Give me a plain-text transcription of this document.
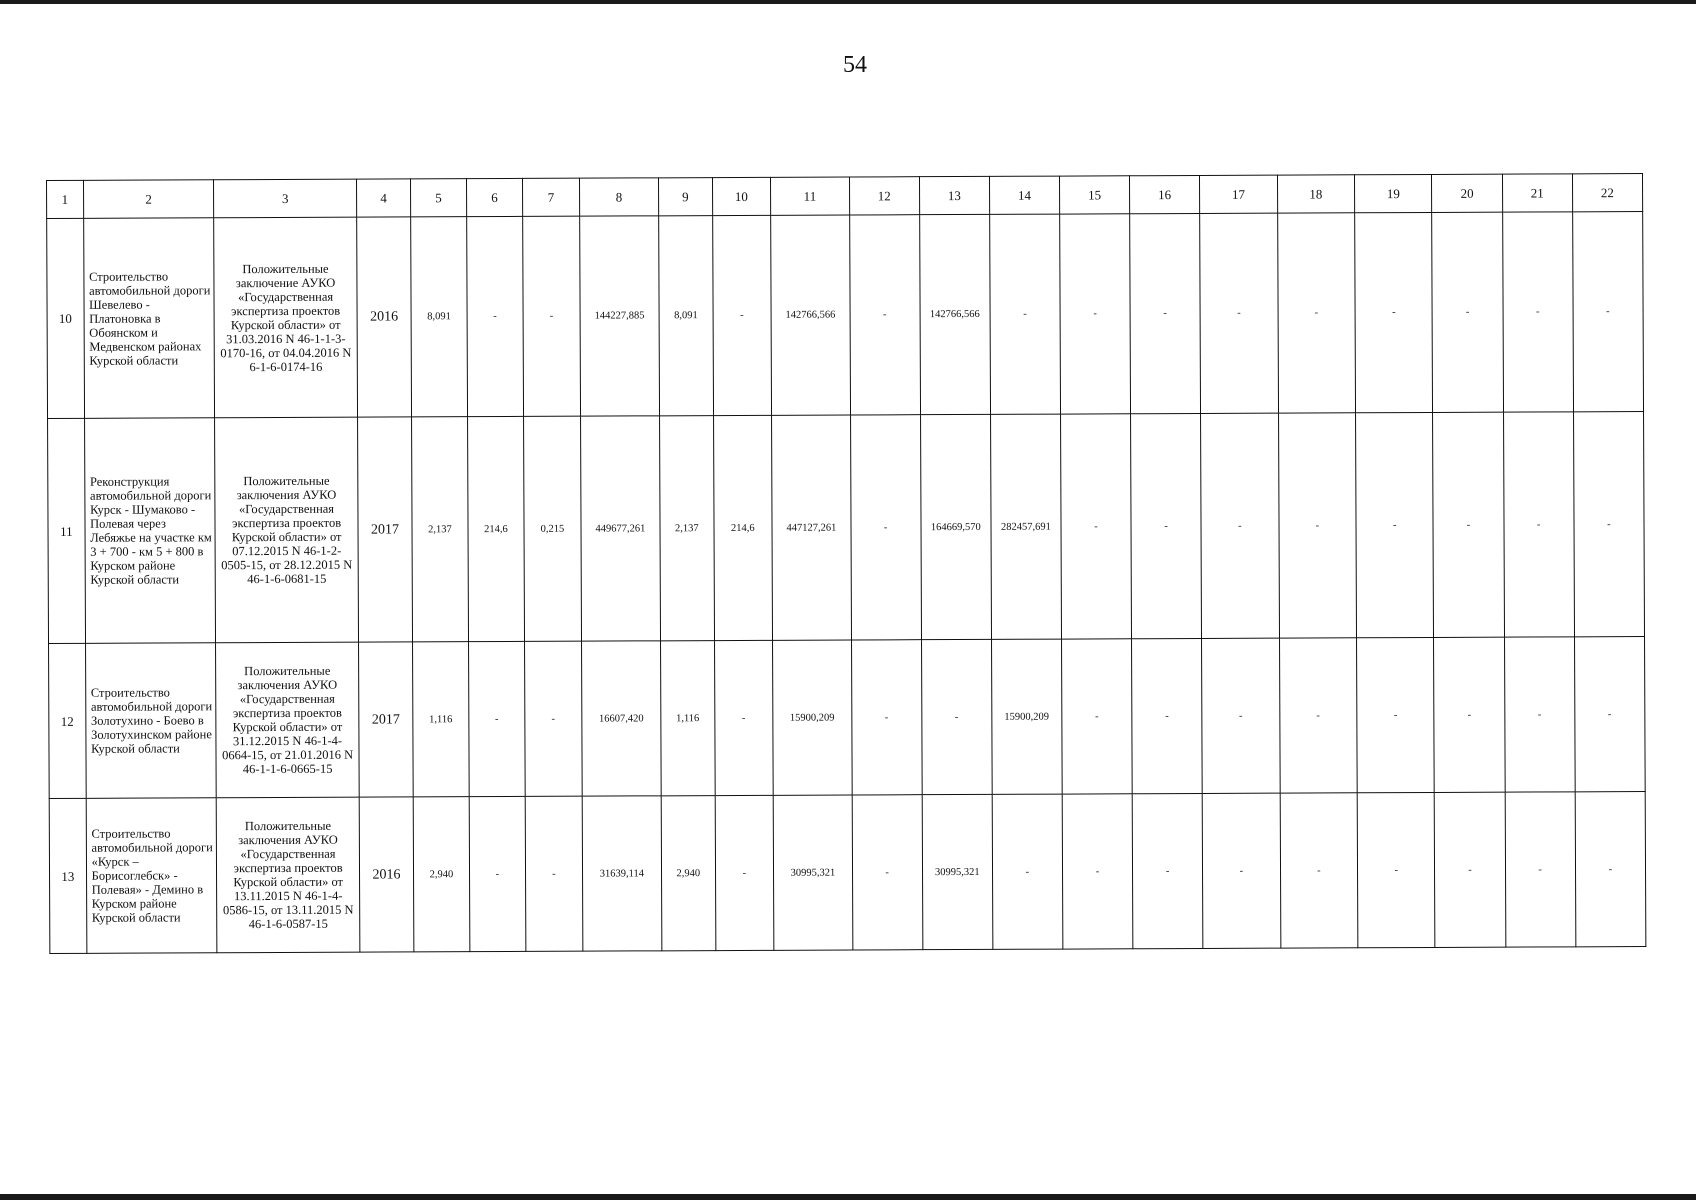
54
1	2	3	4	5	6	7	8	9	10	11	12	13	14	15	16	17	18	19	20	21	22
10	Строительство автомобильной дороги Шевелево - Платоновка в Обоянском и Медвенском районах Курской области	Положительные заключение АУКО «Государственная экспертиза проектов Курской области» от 31.03.2016 N 46-1-1-3-0170-16, от 04.04.2016 N 6-1-6-0174-16	2016	8,091	-	-	144227,885	8,091	-	142766,566	-	142766,566	-	-	-	-	-	-	-	-	-
11	Реконструкция автомобильной дороги Курск - Шумаково - Полевая через Лебяжье на участке км 3 + 700 - км 5 + 800 в Курском районе Курской области	Положительные заключения АУКО «Государственная экспертиза проектов Курской области» от 07.12.2015 N 46-1-2-0505-15, от 28.12.2015 N 46-1-6-0681-15	2017	2,137	214,6	0,215	449677,261	2,137	214,6	447127,261	-	164669,570	282457,691	-	-	-	-	-	-	-	-
12	Строительство автомобильной дороги Золотухино - Боево в Золотухинском районе Курской области	Положительные заключения АУКО «Государственная экспертиза проектов Курской области» от 31.12.2015 N 46-1-4-0664-15, от 21.01.2016 N 46-1-1-6-0665-15	2017	1,116	-	-	16607,420	1,116	-	15900,209	-	-	15900,209	-	-	-	-	-	-	-	-
13	Строительство автомобильной дороги «Курск – Борисоглебск» - Полевая» - Демино в Курском районе Курской области	Положительные заключения АУКО «Государственная экспертиза проектов Курской области» от 13.11.2015 N 46-1-4-0586-15, от 13.11.2015 N 46-1-6-0587-15	2016	2,940	-	-	31639,114	2,940	-	30995,321	-	30995,321	-	-	-	-	-	-	-	-	-
